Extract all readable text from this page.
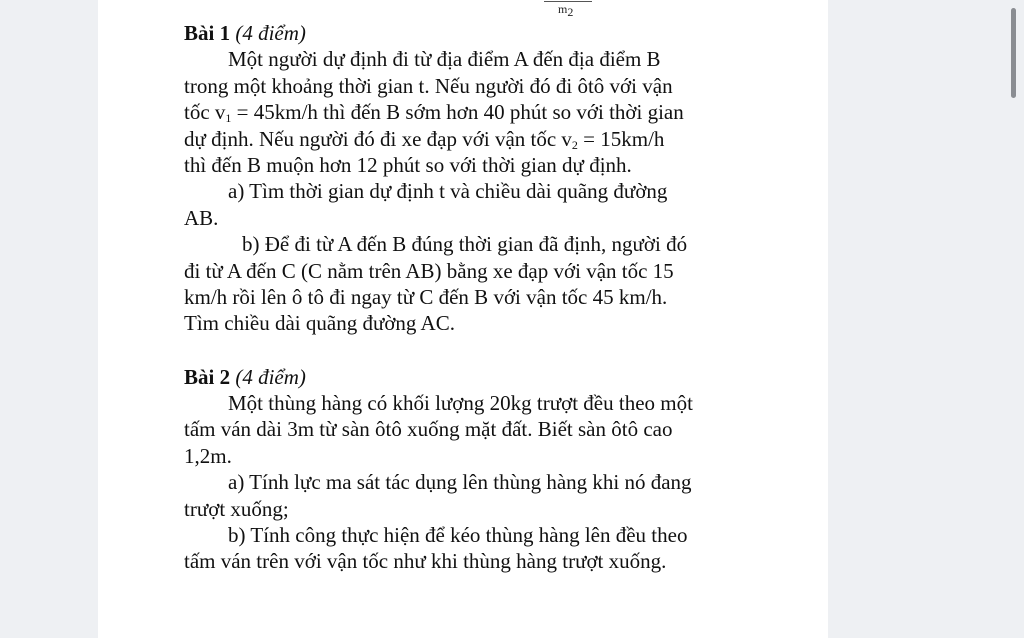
$m_2$
Bài 1 (4 điểm)
Một người dự định đi từ địa điểm A đến địa điểm B
trong một khoảng thời gian t. Nếu người đó đi ôtô với vận
tốc $v_1 = 45km/h$ thì đến B sớm hơn 40 phút so với thời gian
dự định. Nếu người đó đi xe đạp với vận tốc $v_2 = 15km/h$
thì đến B muộn hơn 12 phút so với thời gian dự định.
a) Tìm thời gian dự định t và chiều dài quãng đường
AB.
b) Để đi từ A đến B đúng thời gian đã định, người đó
đi từ A đến C (C nằm trên AB) bằng xe đạp với vận tốc 15
km/h rồi lên ô tô đi ngay từ C đến B với vận tốc 45 km/h.
Tìm chiều dài quãng đường AC.
Bài 2 (4 điểm)
Một thùng hàng có khối lượng 20kg trượt đều theo một
tấm ván dài 3m từ sàn ôtô xuống mặt đất. Biết sàn ôtô cao
1,2m.
a) Tính lực ma sát tác dụng lên thùng hàng khi nó đang
trượt xuống;
b) Tính công thực hiện để kéo thùng hàng lên đều theo
tấm ván trên với vận tốc như khi thùng hàng trượt xuống.
